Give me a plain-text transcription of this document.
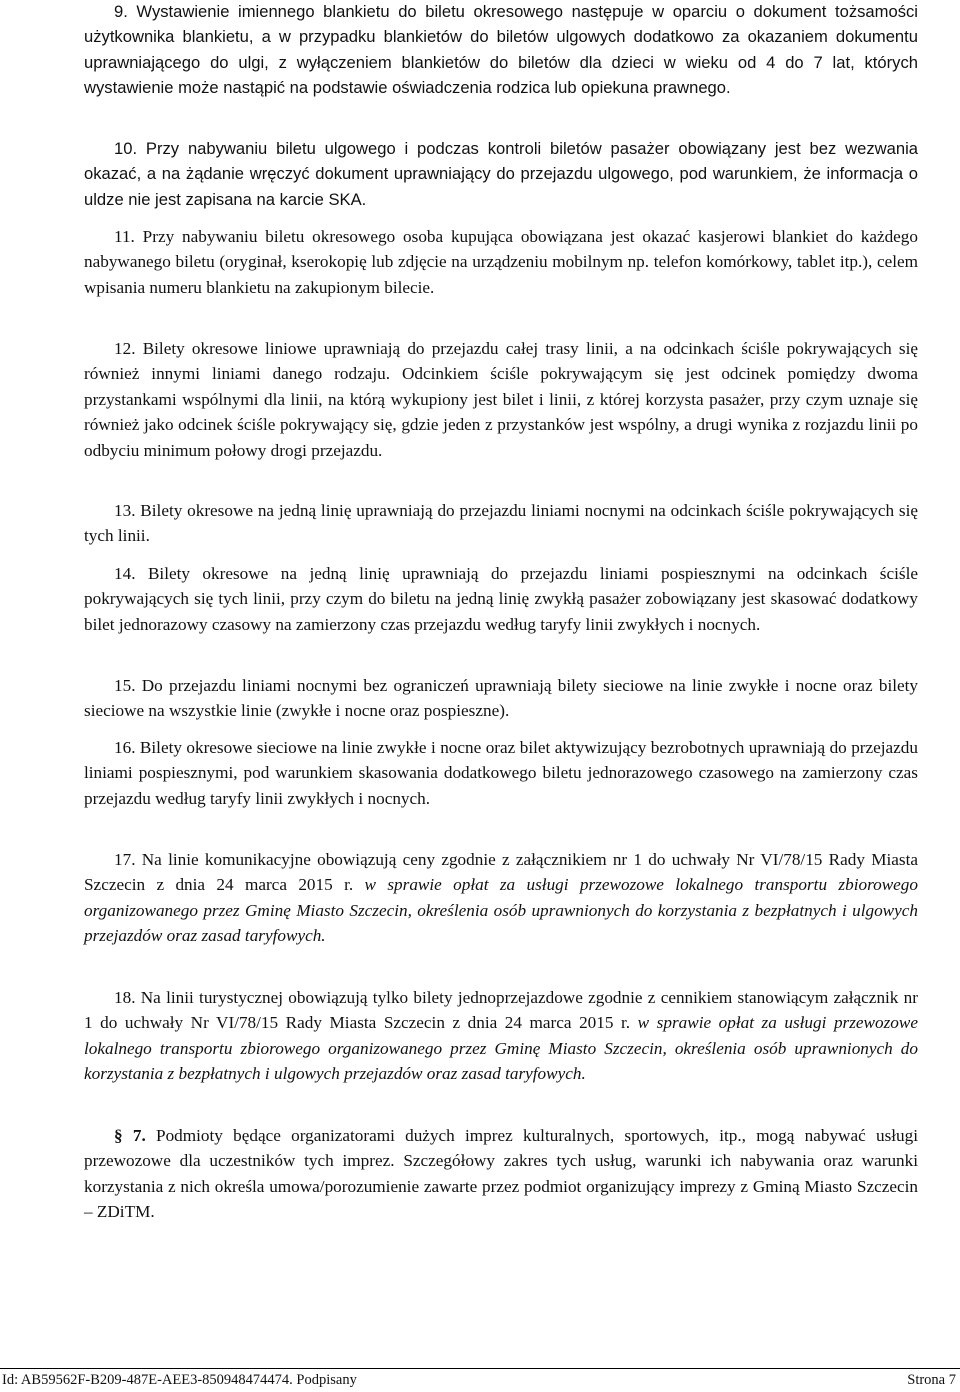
9. Wystawienie imiennego blankietu do biletu okresowego następuje w oparciu o dokument tożsamości użytkownika blankietu, a w przypadku blankietów do biletów ulgowych dodatkowo za okazaniem dokumentu uprawniającego do ulgi, z wyłączeniem blankietów do biletów dla dzieci w wieku od 4 do 7 lat, których wystawienie może nastąpić na podstawie oświadczenia rodzica lub opiekuna prawnego.

10. Przy nabywaniu biletu ulgowego i podczas kontroli biletów pasażer obowiązany jest bez wezwania okazać, a na żądanie wręczyć dokument uprawniający do przejazdu ulgowego, pod warunkiem, że informacja o uldze nie jest zapisana na karcie SKA.

11. Przy nabywaniu biletu okresowego osoba kupująca obowiązana jest okazać kasjerowi blankiet do każdego nabywanego biletu (oryginał, kserokopię lub zdjęcie na urządzeniu mobilnym np. telefon komórkowy, tablet itp.), celem wpisania numeru blankietu na zakupionym bilecie.

12. Bilety okresowe liniowe uprawniają do przejazdu całej trasy linii, a na odcinkach ściśle pokrywających się również innymi liniami danego rodzaju. Odcinkiem ściśle pokrywającym się jest odcinek pomiędzy dwoma przystankami wspólnymi dla linii, na którą wykupiony jest bilet i linii, z której korzysta pasażer, przy czym uznaje się również jako odcinek ściśle pokrywający się, gdzie jeden z przystanków jest wspólny, a drugi wynika z rozjazdu linii po odbyciu minimum połowy drogi przejazdu.

13. Bilety okresowe na jedną linię uprawniają do przejazdu liniami nocnymi na odcinkach ściśle pokrywających się tych linii.

14. Bilety okresowe na jedną linię uprawniają do przejazdu liniami pospiesznymi na odcinkach ściśle pokrywających się tych linii, przy czym do biletu na jedną linię zwykłą pasażer zobowiązany jest skasować dodatkowy bilet jednorazowy czasowy na zamierzony czas przejazdu według taryfy linii zwykłych i nocnych.

15. Do przejazdu liniami nocnymi bez ograniczeń uprawniają bilety sieciowe na linie zwykłe i nocne oraz bilety sieciowe na wszystkie linie (zwykłe i nocne oraz pospieszne).

16. Bilety okresowe sieciowe na linie zwykłe i nocne oraz bilet aktywizujący bezrobotnych uprawniają do przejazdu liniami pospiesznymi, pod warunkiem skasowania dodatkowego biletu jednorazowego czasowego na zamierzony czas przejazdu według taryfy linii zwykłych i nocnych.

17. Na linie komunikacyjne obowiązują ceny zgodnie z załącznikiem nr 1 do uchwały Nr VI/78/15 Rady Miasta Szczecin z dnia 24 marca 2015 r. w sprawie opłat za usługi przewozowe lokalnego transportu zbiorowego organizowanego przez Gminę Miasto Szczecin, określenia osób uprawnionych do korzystania z bezpłatnych i ulgowych przejazdów oraz zasad taryfowych.

18. Na linii turystycznej obowiązują tylko bilety jednoprzejazdowe zgodnie z cennikiem stanowiącym załącznik nr 1 do uchwały Nr VI/78/15 Rady Miasta Szczecin z dnia 24 marca 2015 r. w sprawie opłat za usługi przewozowe lokalnego transportu zbiorowego organizowanego przez Gminę Miasto Szczecin, określenia osób uprawnionych do korzystania z bezpłatnych i ulgowych przejazdów oraz zasad taryfowych.

§ 7. Podmioty będące organizatorami dużych imprez kulturalnych, sportowych, itp., mogą nabywać usługi przewozowe dla uczestników tych imprez. Szczegółowy zakres tych usług, warunki ich nabywania oraz warunki korzystania z nich określa umowa/porozumienie zawarte przez podmiot organizujący imprezy z Gminą Miasto Szczecin – ZDiTM.

Id: AB59562F-B209-487E-AEE3-850948474474. Podpisany	Strona 7
